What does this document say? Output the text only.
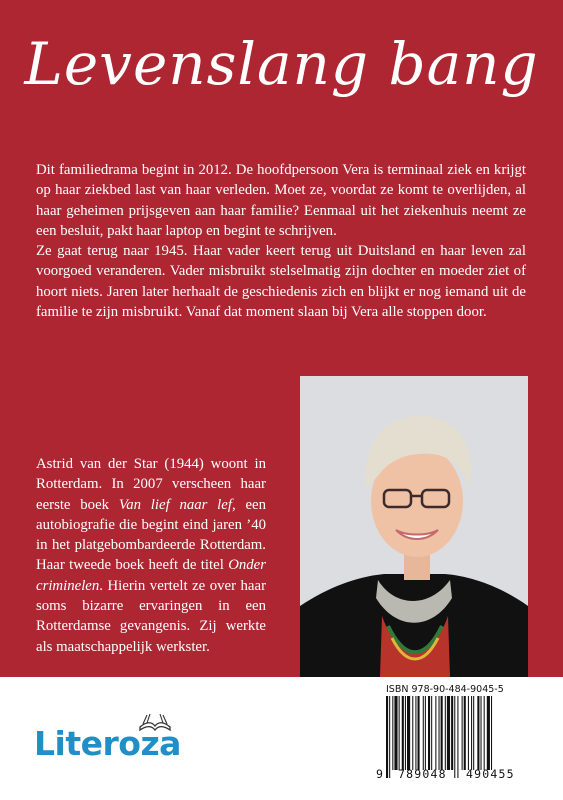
Levenslang bang

Dit familiedrama begint in 2012. De hoofdpersoon Vera is terminaal ziek en krijgt op haar ziekbed last van haar verleden. Moet ze, voordat ze komt te overlijden, al haar geheimen prijsgeven aan haar familie? Eenmaal uit het ziekenhuis neemt ze een besluit, pakt haar laptop en begint te schrijven.

Ze gaat terug naar 1945. Haar vader keert terug uit Duitsland en haar leven zal voorgoed veranderen. Vader misbruikt stelselmatig zijn dochter en moeder ziet of hoort niets. Jaren later herhaalt de geschiedenis zich en blijkt er nog iemand uit de familie te zijn misbruikt. Vanaf dat moment slaan bij Vera alle stoppen door.

Astrid van der Star (1944) woont in Rotterdam. In 2007 verscheen haar eerste boek Van lief naar lef, een autobiografie die begint eind jaren ’40 in het platgebombardeerde Rotterdam. Haar tweede boek heeft de titel Onder criminelen. Hierin vertelt ze over haar soms bizarre ervaringen in een Rotterdamse gevangenis. Zij werkte als maatschappelijk werkster.

Literoza
ISBN 978-90-484-9045-5
9 789048 490455
